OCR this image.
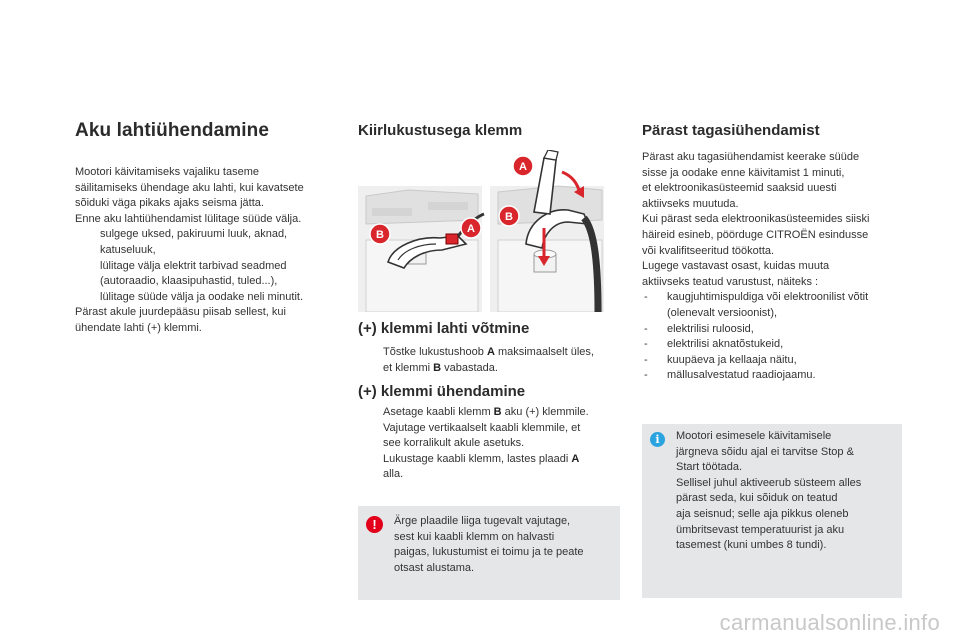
Aku lahtiühendamine

Mootori käivitamiseks vajaliku taseme

säilitamiseks ühendage aku lahti, kui kavatsete

sõiduki väga pikaks ajaks seisma jätta.

Enne aku lahtiühendamist lülitage süüde välja.

sulgege uksed, pakiruumi luuk, aknad,

katuseluuk,

lülitage välja elektrit tarbivad seadmed

(autoraadio, klaasipuhastid, tuled...),

lülitage süüde välja ja oodake neli minutit.

Pärast akule juurdepääsu piisab sellest, kui

ühendate lahti (+) klemmi.

Kiirlukustusega klemm
B	A
A
B
(+) klemmi lahti võtmine

Tõstke lukustushoob A maksimaalselt üles,

et klemmi B vabastada.

(+) klemmi ühendamine

Asetage kaabli klemm B aku (+) klemmile.

Vajutage vertikaalselt kaabli klemmile, et

see korralikult akule asetuks.

Lukustage kaabli klemm, lastes plaadi A

alla.

!	Ärge plaadile liiga tugevalt vajutage,
sest kui kaabli klemm on halvasti
paigas, lukustumist ei toimu ja te peate
otsast alustama.
Pärast tagasiühendamist

Pärast aku tagasiühendamist keerake süüde

sisse ja oodake enne käivitamist 1 minuti,

et elektroonikasüsteemid saaksid uuesti

aktiivseks muutuda.

Kui pärast seda elektroonikasüsteemides siiski

häireid esineb, pöörduge CITROËN esindusse

või kvalifitseeritud töökotta.

Lugege vastavast osast, kuidas muuta

aktiivseks teatud varustust, näiteks :

- kaugjuhtimispuldiga või elektroonilist võtit

(olenevalt versioonist),

- elektrilisi ruloosid,

- elektrilisi aknatõstukeid,

- kuupäeva ja kellaaja näitu,

- mällusalvestatud raadiojaamu.

i	Mootori esimesele käivitamisele
järgneva sõidu ajal ei tarvitse Stop &
Start töötada.
Sellisel juhul aktiveerub süsteem alles
pärast seda, kui sõiduk on teatud
aja seisnud; selle aja pikkus oleneb
ümbritsevast temperatuurist ja aku
tasemest (kuni umbes 8 tundi).
carmanualsonline.info
